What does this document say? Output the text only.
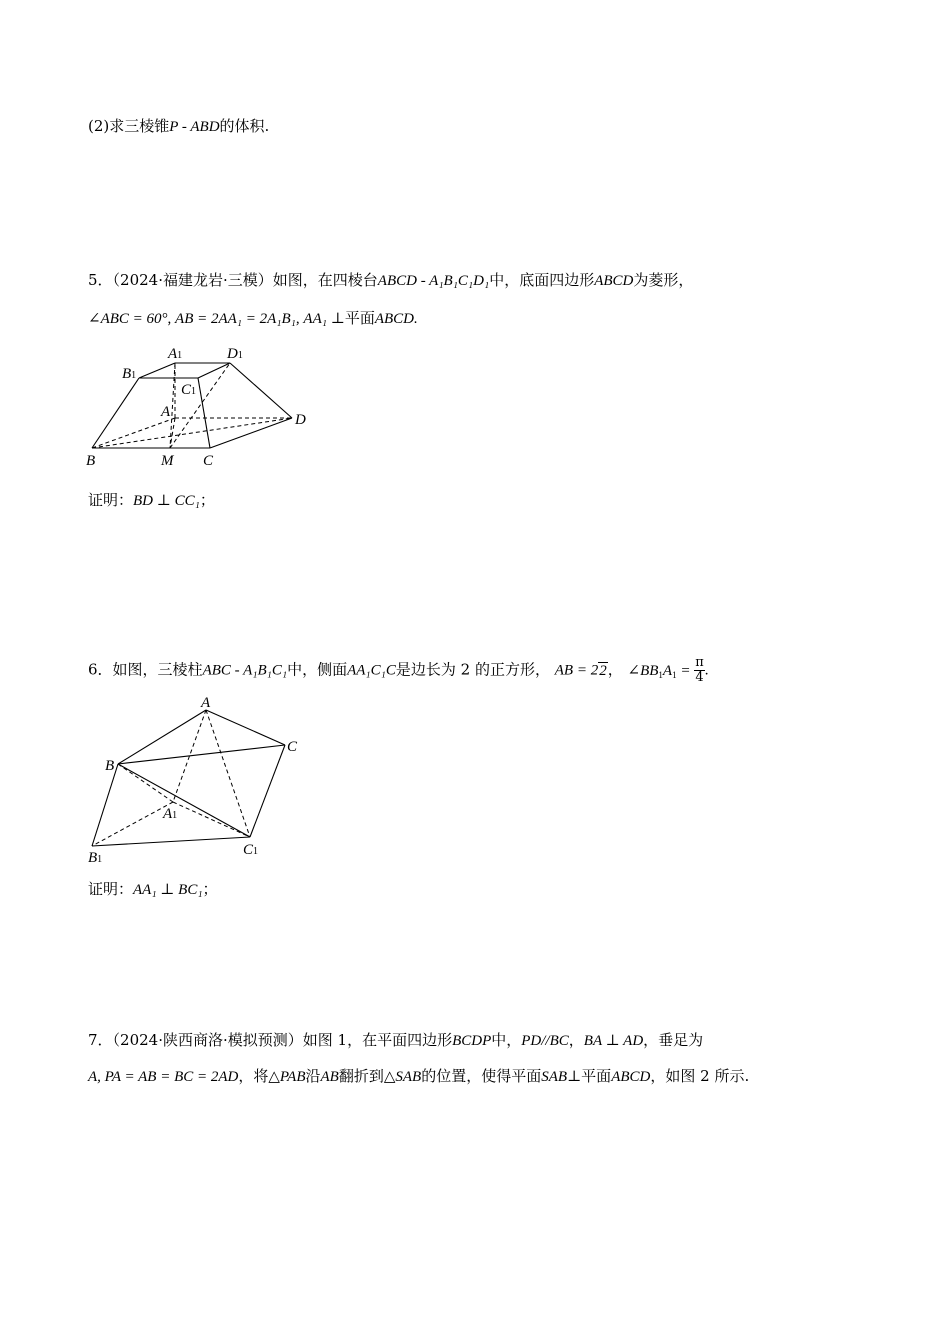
(2)求三棱锥P - ABD的体积.
5．（2024·福建龙岩·三模）如图，在四棱台ABCD - A₁B₁C₁D₁中，底面四边形ABCD为菱形，
∠ABC = 60°, AB = 2AA₁ = 2A₁B₁, AA₁ ⊥平面ABCD.
A1	D1
B1
C1
A	D
B	M C
证明：BD ⊥ CC₁；
6．如图，三棱柱ABC - A₁B₁C₁中，侧面AA₁C₁C是边长为 2 的正方形， AB = 22， $\angle BB_1A_1 = \frac{\pi}{4}$ .
A
C
B
A1
B1
C1
证明：AA₁ ⊥ BC₁；
7．（2024·陕西商洛·模拟预测）如图 1，在平面四边形BCDP中，PD//BC，BA ⊥ AD，垂足为
A, PA = AB = BC = 2AD，将△PAB沿AB翻折到△SAB的位置，使得平面SAB⊥平面ABCD，如图 2 所示.
